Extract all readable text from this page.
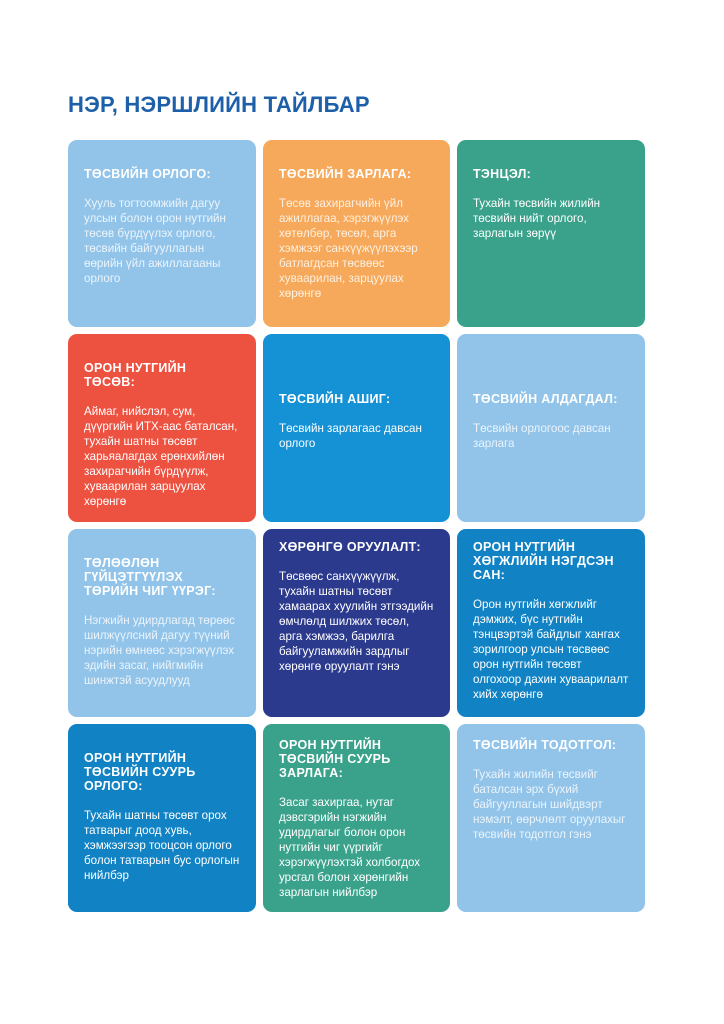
НЭР, НЭРШЛИЙН ТАЙЛБАР

ТӨСВИЙН ОРЛОГО:

Хууль тогтоомжийн дагуу улсын болон орон нутгийн төсөв бүрдүүлэх орлого, төсвийн байгууллагын өөрийн үйл ажиллагааны орлого

ТӨСВИЙН ЗАРЛАГА:

Төсөв захирагчийн үйл ажиллагаа, хэрэгжүүлэх хөтөлбөр, төсөл, арга хэмжээг санхүүжүүлэхээр батлагдсан төсвөөс хуваарилан, зарцуулах хөрөнгө

ТЭНЦЭЛ:

Тухайн төсвийн жилийн төсвийн нийт орлого, зарлагын зөрүү

ОРОН НУТГИЙН ТӨСӨВ:

Аймаг, нийслэл, сум, дүүргийн ИТХ-аас баталсан, тухайн шатны төсөвт харьяалагдах ерөнхийлөн захирагчийн бүрдүүлж, хуваарилан зарцуулах хөрөнгө

ТӨСВИЙН АШИГ:

Төсвийн зарлагаас давсан орлого

ТӨСВИЙН АЛДАГДАЛ:

Төсвийн орлогоос давсан зарлага

ТӨЛӨӨЛӨН ГҮЙЦЭТГҮҮЛЭХ ТӨРИЙН ЧИГ ҮҮРЭГ:

Нэгжийн удирдлагад төрөөс шилжүүлсний дагуу түүний нэрийн өмнөөс хэрэгжүүлэх эдийн засаг, нийгмийн шинжтэй асуудлууд

ХӨРӨНГӨ ОРУУЛАЛТ:

Төсвөөс санхүүжүүлж, тухайн шатны төсөвт хамаарах хуулийн этгээдийн өмчлөлд шилжих төсөл, арга хэмжээ, барилга байгууламжийн зардлыг хөрөнгө оруулалт гэнэ

ОРОН НУТГИЙН ХӨГЖЛИЙН НЭГДСЭН САН:

Орон нутгийн хөгжлийг дэмжих, бүс нутгийн тэнцвэртэй байдлыг хангах зорилгоор улсын төсвөөс орон нутгийн төсөвт олгохоор дахин хуваарилалт хийх хөрөнгө

ОРОН НУТГИЙН ТӨСВИЙН СУУРЬ ОРЛОГО:

Тухайн шатны төсөвт орох татварыг доод хувь, хэмжээгээр тооцсон орлого болон татварын бус орлогын нийлбэр

ОРОН НУТГИЙН ТӨСВИЙН СУУРЬ ЗАРЛАГА:

Засаг захиргаа, нутаг дэвсгэрийн нэгжийн удирдлагыг болон орон нутгийн чиг үүргийг хэрэгжүүлэхтэй холбогдох урсгал болон хөрөнгийн зарлагын нийлбэр

ТӨСВИЙН ТОДОТГОЛ:

Тухайн жилийн төсвийг баталсан эрх бүхий байгууллагын шийдвэрт нэмэлт, өөрчлөлт оруулахыг төсвийн тодотгол гэнэ
